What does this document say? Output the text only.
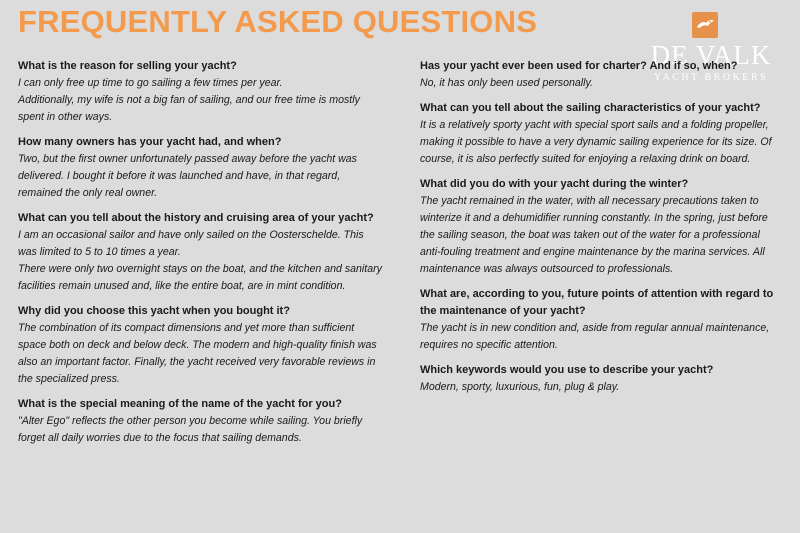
FREQUENTLY ASKED QUESTIONS
DE VALK
YACHT BROKERS
What is the reason for selling your yacht?
I can only free up time to go sailing a few times per year.
Additionally, my wife is not a big fan of sailing, and our free time is mostly spent in other ways.
How many owners has your yacht had, and when?
Two, but the first owner unfortunately passed away before the yacht was delivered. I bought it before it was launched and have, in that regard, remained the only real owner.
What can you tell about the history and cruising area of your yacht?
I am an occasional sailor and have only sailed on the Oosterschelde. This was limited to 5 to 10 times a year.
There were only two overnight stays on the boat, and the kitchen and sanitary facilities remain unused and, like the entire boat, are in mint condition.
Why did you choose this yacht when you bought it?
The combination of its compact dimensions and yet more than sufficient space both on deck and below deck. The modern and high-quality finish was also an important factor. Finally, the yacht received very favorable reviews in the specialized press.
What is the special meaning of the name of the yacht for you?
"Alter Ego" reflects the other person you become while sailing. You briefly forget all daily worries due to the focus that sailing demands.
Has your yacht ever been used for charter? And if so, when?
No, it has only been used personally.
What can you tell about the sailing characteristics of your yacht?
It is a relatively sporty yacht with special sport sails and a folding propeller, making it possible to have a very dynamic sailing experience for its size. Of course, it is also perfectly suited for enjoying a relaxing drink on board.
What did you do with your yacht during the winter?
The yacht remained in the water, with all necessary precautions taken to winterize it and a dehumidifier running constantly. In the spring, just before the sailing season, the boat was taken out of the water for a professional anti-fouling treatment and engine maintenance by the marina services. All maintenance was always outsourced to professionals.
What are, according to you, future points of attention with regard to the maintenance of your yacht?
The yacht is in new condition and, aside from regular annual maintenance, requires no specific attention.
Which keywords would you use to describe your yacht?
Modern, sporty, luxurious, fun, plug & play.
